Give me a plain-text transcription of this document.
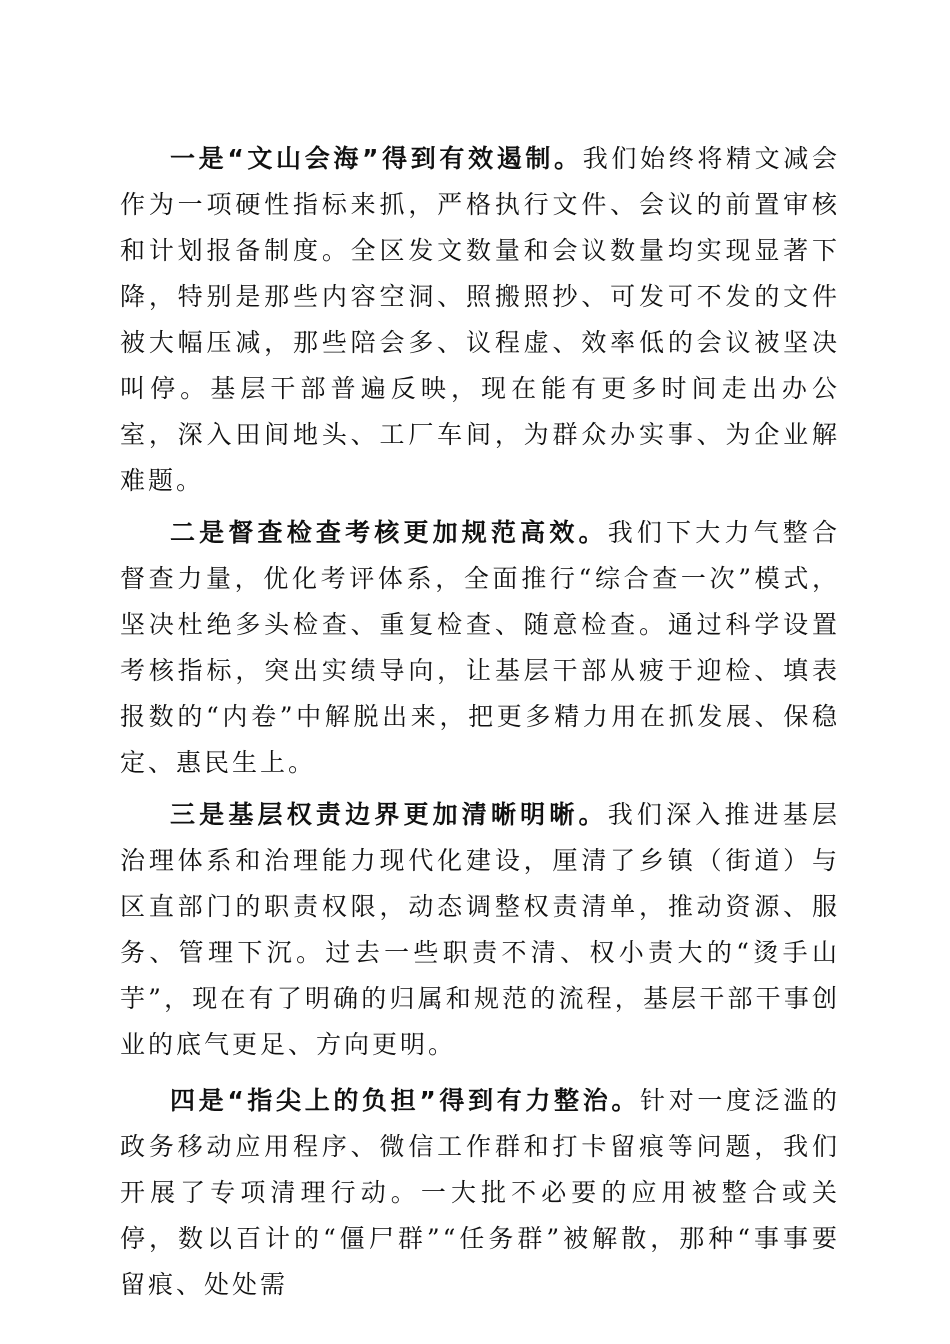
一是“文山会海”得到有效遏制。我们始终将精文减会作为一项硬性指标来抓，严格执行文件、会议的前置审核和计划报备制度。全区发文数量和会议数量均实现显著下降，特别是那些内容空洞、照搬照抄、可发可不发的文件被大幅压减，那些陪会多、议程虚、效率低的会议被坚决叫停。基层干部普遍反映，现在能有更多时间走出办公室，深入田间地头、工厂车间，为群众办实事、为企业解难题。

二是督查检查考核更加规范高效。我们下大力气整合督查力量，优化考评体系，全面推行“综合查一次”模式，坚决杜绝多头检查、重复检查、随意检查。通过科学设置考核指标，突出实绩导向，让基层干部从疲于迎检、填表报数的“内卷”中解脱出来，把更多精力用在抓发展、保稳定、惠民生上。

三是基层权责边界更加清晰明晰。我们深入推进基层治理体系和治理能力现代化建设，厘清了乡镇（街道）与区直部门的职责权限，动态调整权责清单，推动资源、服务、管理下沉。过去一些职责不清、权小责大的“烫手山芋”，现在有了明确的归属和规范的流程，基层干部干事创业的底气更足、方向更明。

四是“指尖上的负担”得到有力整治。针对一度泛滥的政务移动应用程序、微信工作群和打卡留痕等问题，我们开展了专项清理行动。一大批不必要的应用被整合或关停，数以百计的“僵尸群”“任务群”被解散，那种“事事要留痕、处处需
